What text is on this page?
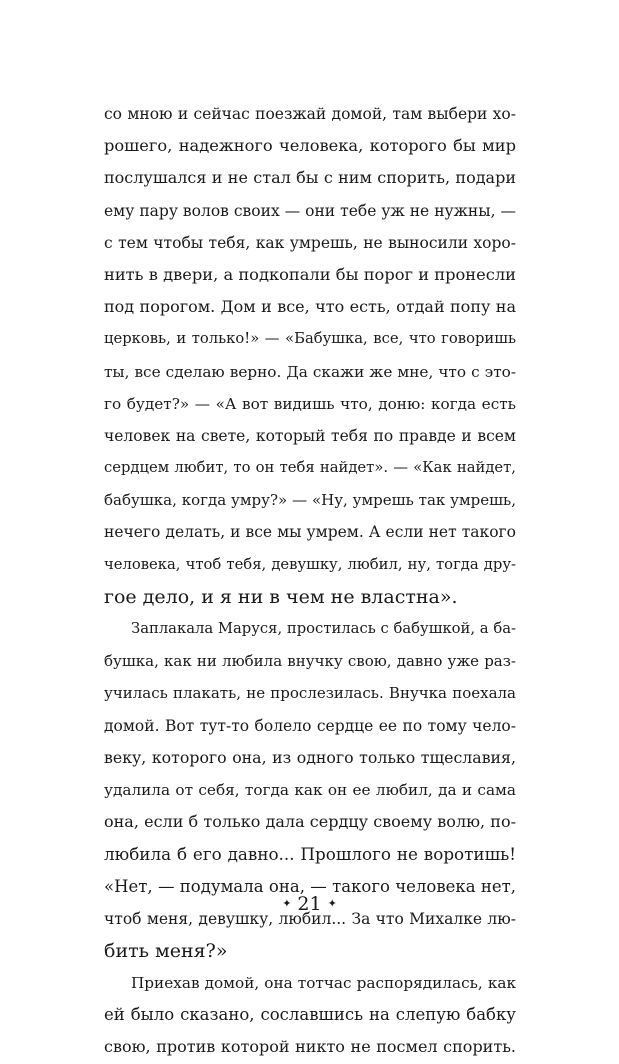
со мною и сейчас поезжай домой, там выбери хо-
рошего, надежного человека, которого бы мир
послушался и не стал бы с ним спорить, подари
ему пару волов своих — они тебе уж не нужны, —
с тем чтобы тебя, как умрешь, не выносили хоро-
нить в двери, а подкопали бы порог и пронесли
под порогом. Дом и все, что есть, отдай попу на
церковь, и только!» — «Бабушка, все, что говоришь
ты, все сделаю верно. Да скажи же мне, что с это-
го будет?» — «А вот видишь что, доню: когда есть
человек на свете, который тебя по правде и всем
сердцем любит, то он тебя найдет». — «Как найдет,
бабушка, когда умру?» — «Ну, умрешь так умрешь,
нечего делать, и все мы умрем. А если нет такого
человека, чтоб тебя, девушку, любил, ну, тогда дру-
гое дело, и я ни в чем не властна».
Заплакала Маруся, простилась с бабушкой, а ба-
бушка, как ни любила внучку свою, давно уже раз-
училась плакать, не прослезилась. Внучка поехала
домой. Вот тут-то болело сердце ее по тому чело-
веку, которого она, из одного только тщеславия,
удалила от себя, тогда как он ее любил, да и сама
она, если б только дала сердцу своему волю, по-
любила б его давно... Прошлого не воротишь!
«Нет, — подумала она, — такого человека нет,
чтоб меня, девушку, любил... За что Михалке лю-
бить меня?»
Приехав домой, она тотчас распорядилась, как
ей было сказано, сославшись на слепую бабку
свою, против которой никто не посмел спорить.
✦ 21 ✦
